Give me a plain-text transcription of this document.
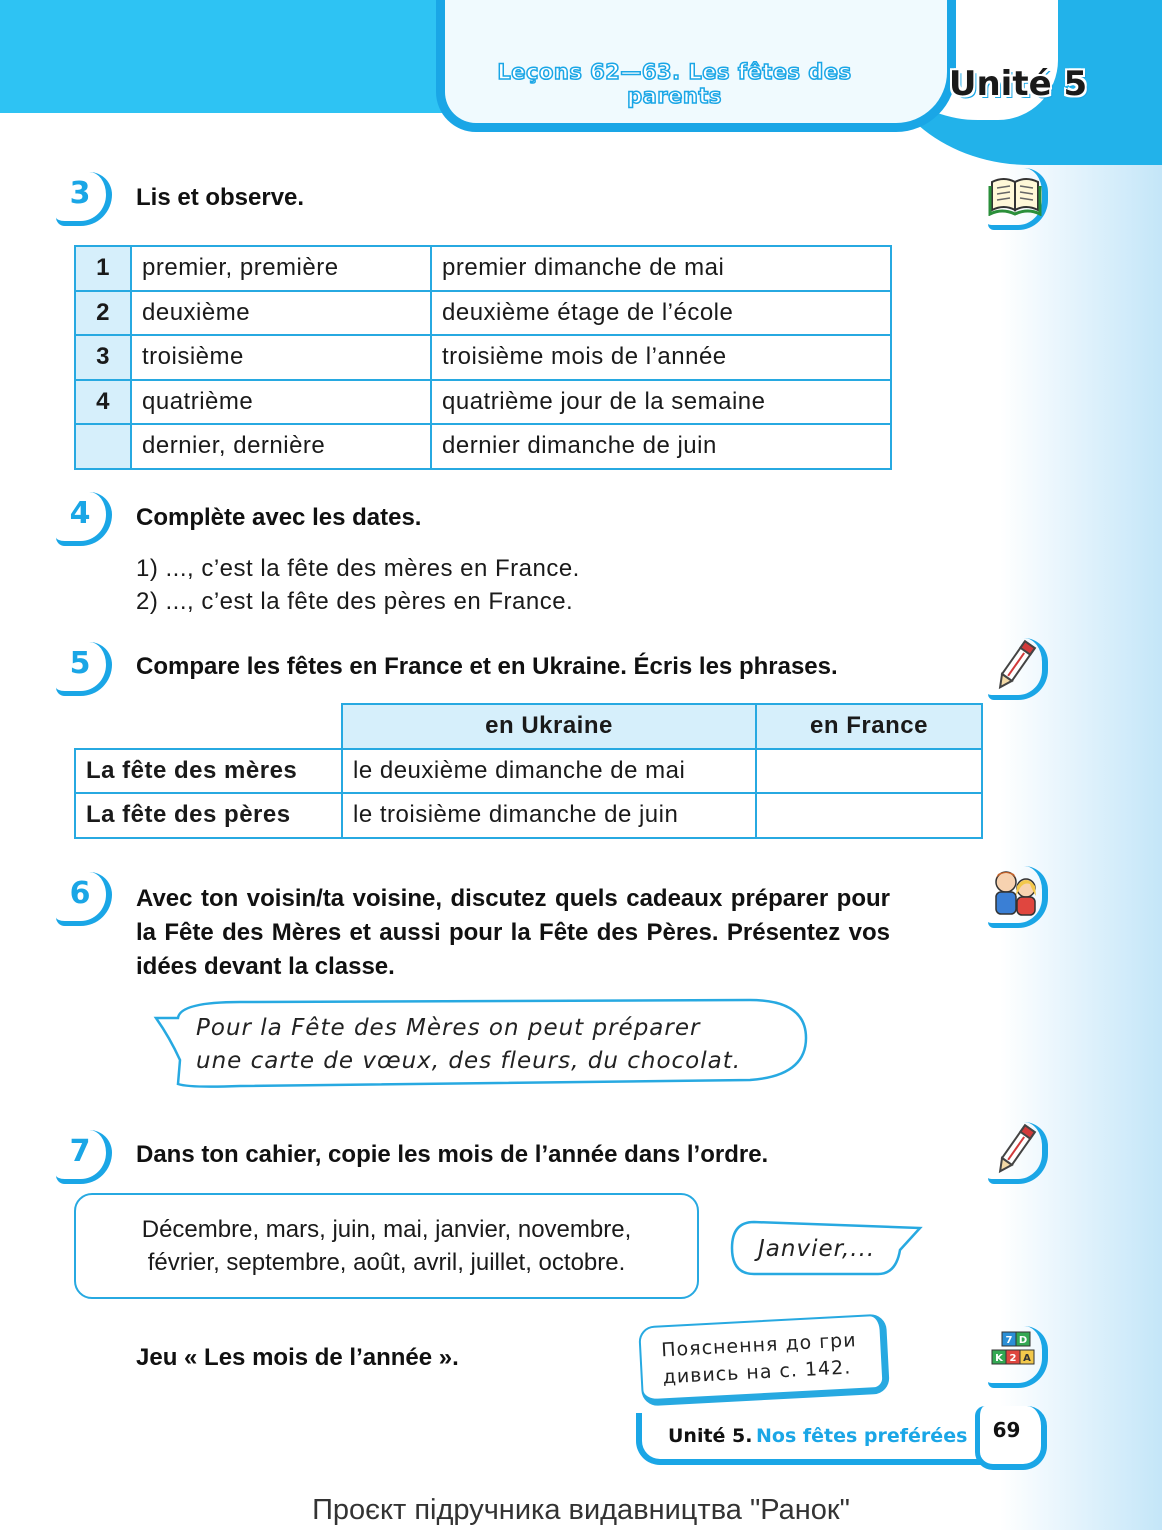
Leçons 62—63. Les fêtes des parents	Unité 5
3	Lis et observe.
1	premier, première	premier dimanche de mai
2	deuxième	deuxième étage de l’école
3	troisième	troisième mois de l’année
4	quatrième	quatrième jour de la semaine
	dernier, dernière	dernier dimanche de juin
4	Complète avec les dates.
1) ..., c’est la fête des mères en France.
2) ..., c’est la fête des pères en France.
5	Compare les fêtes en France et en Ukraine. Écris les phrases.
	en Ukraine	en France
La fête des mères	le deuxième dimanche de mai	
La fête des pères	le troisième dimanche de juin	
6	Avec ton voisin/ta voisine, discutez quels cadeaux préparer pour la Fête des Mères et aussi pour la Fête des Pères. Présentez vos idées devant la classe.
Pour la Fête des Mères on peut préparer
une carte de vœux, des fleurs, du chocolat.
7	Dans ton cahier, copie les mois de l’année dans l’ordre.
Décembre, mars, juin, mai, janvier, novembre,
février, septembre, août, avril, juillet, octobre.	Janvier,...
Jeu « Les mois de l’année ».	Пояснення до гри
дивись на с. 142.
7 D
K 2 A
Unité 5. Nos fêtes preférées	69
Проєкт підручника видавництва "Ранок"
